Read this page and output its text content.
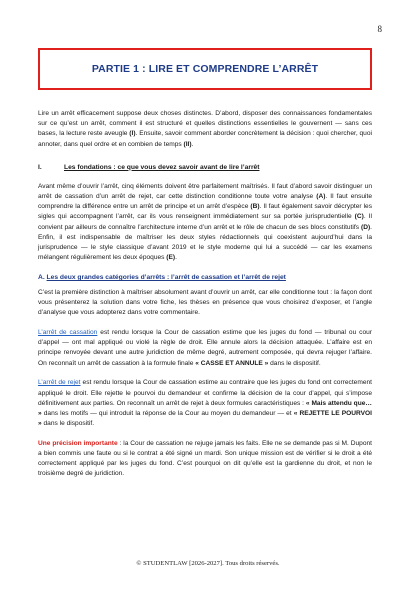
8
PARTIE 1 : LIRE ET COMPRENDRE L’ARRÊT

Lire un arrêt efficacement suppose deux choses distinctes. D’abord, disposer des connaissances fondamentales sur ce qu’est un arrêt, comment il est structuré et quelles distinctions essentielles le gouvernent — sans ces bases, la lecture reste aveugle (I). Ensuite, savoir comment aborder concrètement la décision : quoi chercher, quoi annoter, dans quel ordre et en combien de temps (II).

I.	Les fondations : ce que vous devez savoir avant de lire l’arrêt

Avant même d’ouvrir l’arrêt, cinq éléments doivent être parfaitement maîtrisés. Il faut d’abord savoir distinguer un arrêt de cassation d’un arrêt de rejet, car cette distinction conditionne toute votre analyse (A). Il faut ensuite comprendre la différence entre un arrêt de principe et un arrêt d’espèce (B). Il faut également savoir décrypter les sigles qui accompagnent l’arrêt, car ils vous renseignent immédiatement sur sa portée jurisprudentielle (C). Il convient par ailleurs de connaître l’architecture interne d’un arrêt et le rôle de chacun de ses blocs constitutifs (D). Enfin, il est indispensable de maîtriser les deux styles rédactionnels qui coexistent aujourd’hui dans la jurisprudence — le style classique d’avant 2019 et le style moderne qui lui a succédé — car les examens mélangent régulièrement les deux époques (E).

A. Les deux grandes catégories d’arrêts : l’arrêt de cassation et l’arrêt de rejet

C’est la première distinction à maîtriser absolument avant d’ouvrir un arrêt, car elle conditionne tout : la façon dont vous présenterez la solution dans votre fiche, les thèses en présence que vous choisirez d’exposer, et l’angle d’analyse que vous adopterez dans votre commentaire.

L’arrêt de cassation est rendu lorsque la Cour de cassation estime que les juges du fond — tribunal ou cour d’appel — ont mal appliqué ou violé la règle de droit. Elle annule alors la décision attaquée. L’affaire est en principe renvoyée devant une autre juridiction de même degré, autrement composée, qui devra rejuger l’affaire. On reconnaît un arrêt de cassation à la formule finale « CASSE ET ANNULE » dans le dispositif.

L’arrêt de rejet est rendu lorsque la Cour de cassation estime au contraire que les juges du fond ont correctement appliqué le droit. Elle rejette le pourvoi du demandeur et confirme la décision de la cour d’appel, qui s’impose définitivement aux parties. On reconnaît un arrêt de rejet à deux formules caractéristiques : « Mais attendu que… » dans les motifs — qui introduit la réponse de la Cour au moyen du demandeur — et « REJETTE LE POURVOI » dans le dispositif.

Une précision importante : la Cour de cassation ne rejuge jamais les faits. Elle ne se demande pas si M. Dupont a bien commis une faute ou si le contrat a été signé un mardi. Son unique mission est de vérifier si le droit a été correctement appliqué par les juges du fond. C’est pourquoi on dit qu’elle est la gardienne du droit, et non le troisième degré de juridiction.

© STUDENTLAW [2026-2027]. Tous droits réservés.
